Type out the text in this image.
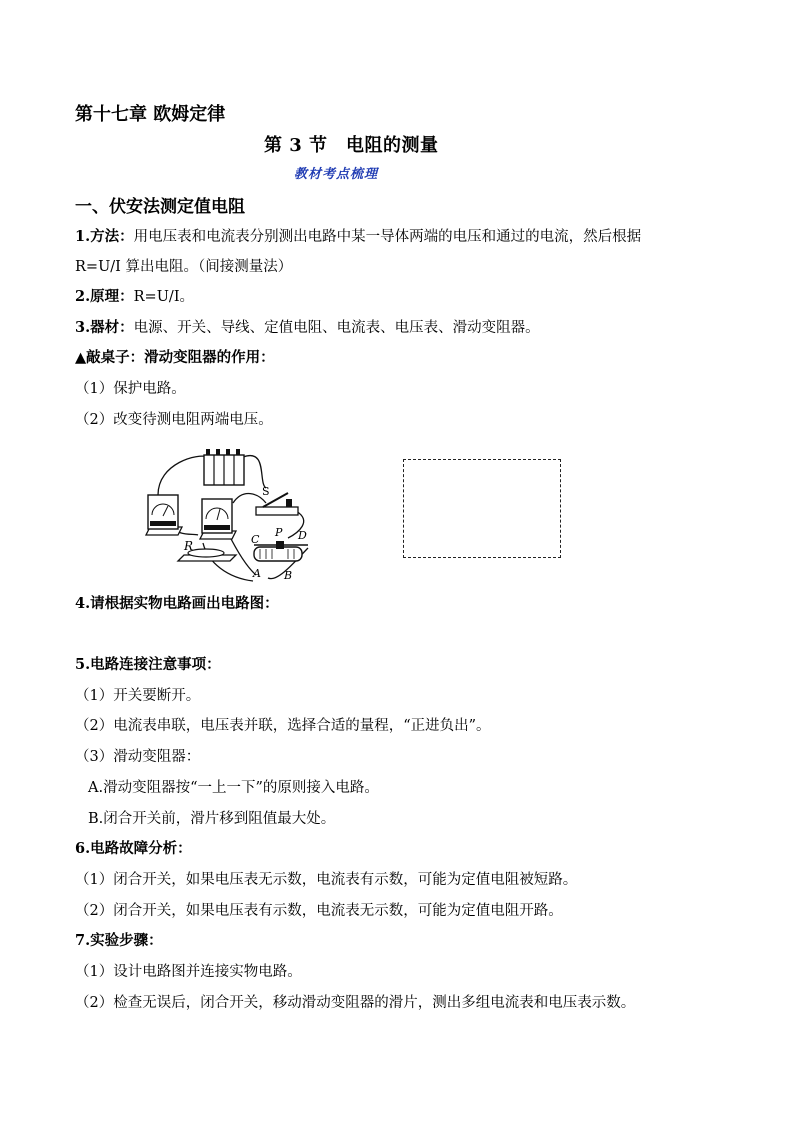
第十七章 欧姆定律
第 3 节　电阻的测量
教材考点梳理
一、伏安法测定值电阻
1.方法：用电压表和电流表分别测出电路中某一导体两端的电压和通过的电流，然后根据
R=U/I 算出电阻。（间接测量法）
2.原理：R=U/I。
3.器材：电源、开关、导线、定值电阻、电流表、电压表、滑动变阻器。
▲敲桌子：滑动变阻器的作用：
（1）保护电路。
（2）改变待测电阻两端电压。
R
S
C
P D
A B
4.请根据实物电路画出电路图：
5.电路连接注意事项：
（1）开关要断开。
（2）电流表串联，电压表并联，选择合适的量程，“正进负出”。
（3）滑动变阻器：
A.滑动变阻器按“一上一下”的原则接入电路。
B.闭合开关前，滑片移到阻值最大处。
6.电路故障分析：
（1）闭合开关，如果电压表无示数，电流表有示数，可能为定值电阻被短路。
（2）闭合开关，如果电压表有示数，电流表无示数，可能为定值电阻开路。
7.实验步骤：
（1）设计电路图并连接实物电路。
（2）检查无误后，闭合开关，移动滑动变阻器的滑片，测出多组电流表和电压表示数。
